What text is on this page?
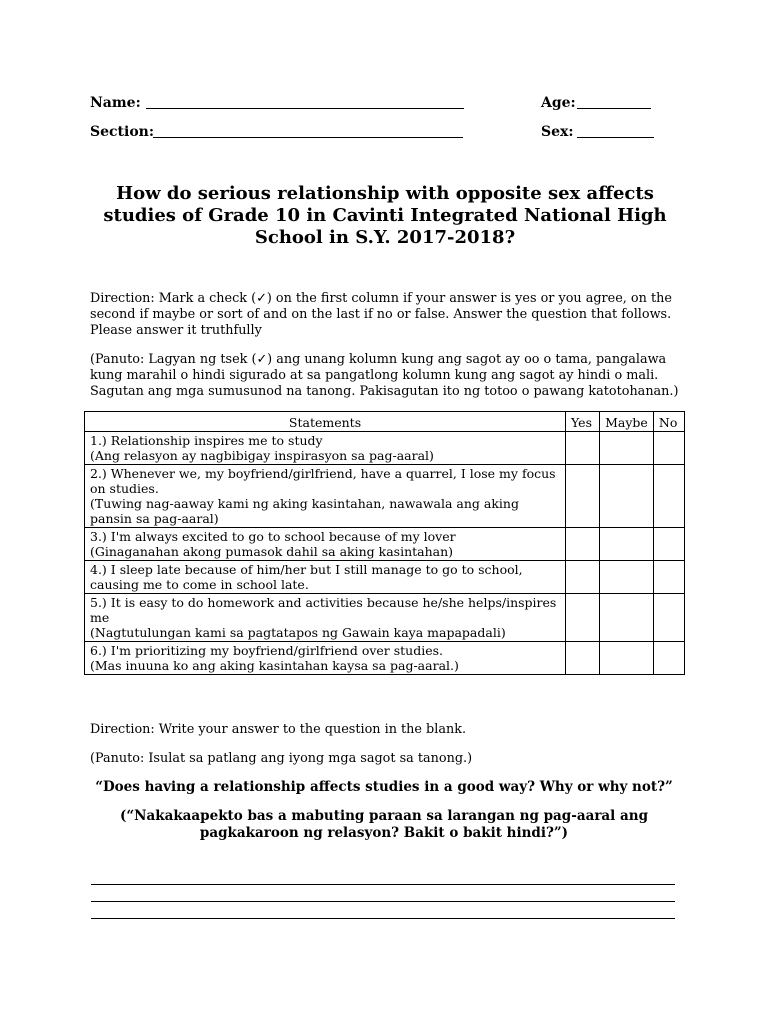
Name:	Age:
Section:	Sex:
How do serious relationship with opposite sex affects studies of Grade 10 in Cavinti Integrated National High School in S.Y. 2017-2018?
Direction: Mark a check (✓) on the first column if your answer is yes or you agree, on the second if maybe or sort of and on the last if no or false. Answer the question that follows. Please answer it truthfully
(Panuto: Lagyan ng tsek (✓) ang unang kolumn kung ang sagot ay oo o tama, pangalawa kung marahil o hindi sigurado at sa pangatlong kolumn kung ang sagot ay hindi o mali. Sagutan ang mga sumusunod na tanong. Pakisagutan ito ng totoo o pawang katotohanan.)
Statements	Yes	Maybe	No

1.) Relationship inspires me to study
(Ang relasyon ay nagbibigay inspirasyon sa pag-aaral)			

2.) Whenever we, my boyfriend/girlfriend, have a quarrel, I lose my focus on studies.
(Tuwing nag-aaway kami ng aking kasintahan, nawawala ang aking pansin sa pag-aaral)			

3.) I'm always excited to go to school because of my lover
(Ginaganahan akong pumasok dahil sa aking kasintahan)			

4.) I sleep late because of him/her but I still manage to go to school, causing me to come in school late.			

5.) It is easy to do homework and activities because he/she helps/inspires me
(Nagtutulungan kami sa pagtatapos ng Gawain kaya mapapadali)			

6.) I'm prioritizing my boyfriend/girlfriend over studies.
(Mas inuuna ko ang aking kasintahan kaysa sa pag-aaral.)			

Direction: Write your answer to the question in the blank.
(Panuto: Isulat sa patlang ang iyong mga sagot sa tanong.)
“Does having a relationship affects studies in a good way? Why or why not?”
(“Nakakaapekto bas a mabuting paraan sa larangan ng pag-aaral ang pagkakaroon ng relasyon? Bakit o bakit hindi?”)
